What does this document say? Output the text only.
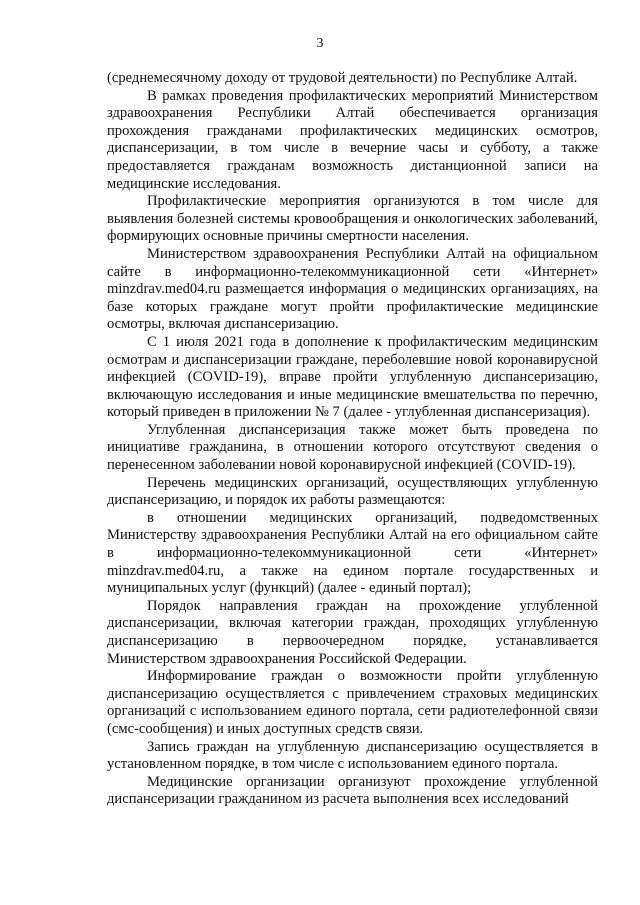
3

(среднемесячному доходу от трудовой деятельности) по Республике Алтай.

В рамках проведения профилактических мероприятий Министерством здравоохранения Республики Алтай обеспечивается организация прохождения гражданами профилактических медицинских осмотров, диспансеризации, в том числе в вечерние часы и субботу, а также предоставляется гражданам возможность дистанционной записи на медицинские исследования.

Профилактические мероприятия организуются в том числе для выявления болезней системы кровообращения и онкологических заболеваний, формирующих основные причины смертности населения.

Министерством здравоохранения Республики Алтай на официальном сайте в информационно-телекоммуникационной сети «Интернет» minzdrav.med04.ru размещается информация о медицинских организациях, на базе которых граждане могут пройти профилактические медицинские осмотры, включая диспансеризацию.

С 1 июля 2021 года в дополнение к профилактическим медицинским осмотрам и диспансеризации граждане, переболевшие новой коронавирусной инфекцией (COVID-19), вправе пройти углубленную диспансеризацию, включающую исследования и иные медицинские вмешательства по перечню, который приведен в приложении № 7 (далее - углубленная диспансеризация).

Углубленная диспансеризация также может быть проведена по инициативе гражданина, в отношении которого отсутствуют сведения о перенесенном заболевании новой коронавирусной инфекцией (COVID-19).

Перечень медицинских организаций, осуществляющих углубленную диспансеризацию, и порядок их работы размещаются:

в отношении медицинских организаций, подведомственных Министерству здравоохранения Республики Алтай на его официальном сайте в информационно-телекоммуникационной сети «Интернет» minzdrav.med04.ru, а также на едином портале государственных и муниципальных услуг (функций) (далее - единый портал);

Порядок направления граждан на прохождение углубленной диспансеризации, включая категории граждан, проходящих углубленную диспансеризацию в первоочередном порядке, устанавливается Министерством здравоохранения Российской Федерации.

Информирование граждан о возможности пройти углубленную диспансеризацию осуществляется с привлечением страховых медицинских организаций с использованием единого портала, сети радиотелефонной связи (смс-сообщения) и иных доступных средств связи.

Запись граждан на углубленную диспансеризацию осуществляется в установленном порядке, в том числе с использованием единого портала.

Медицинские организации организуют прохождение углубленной диспансеризации гражданином из расчета выполнения всех исследований
